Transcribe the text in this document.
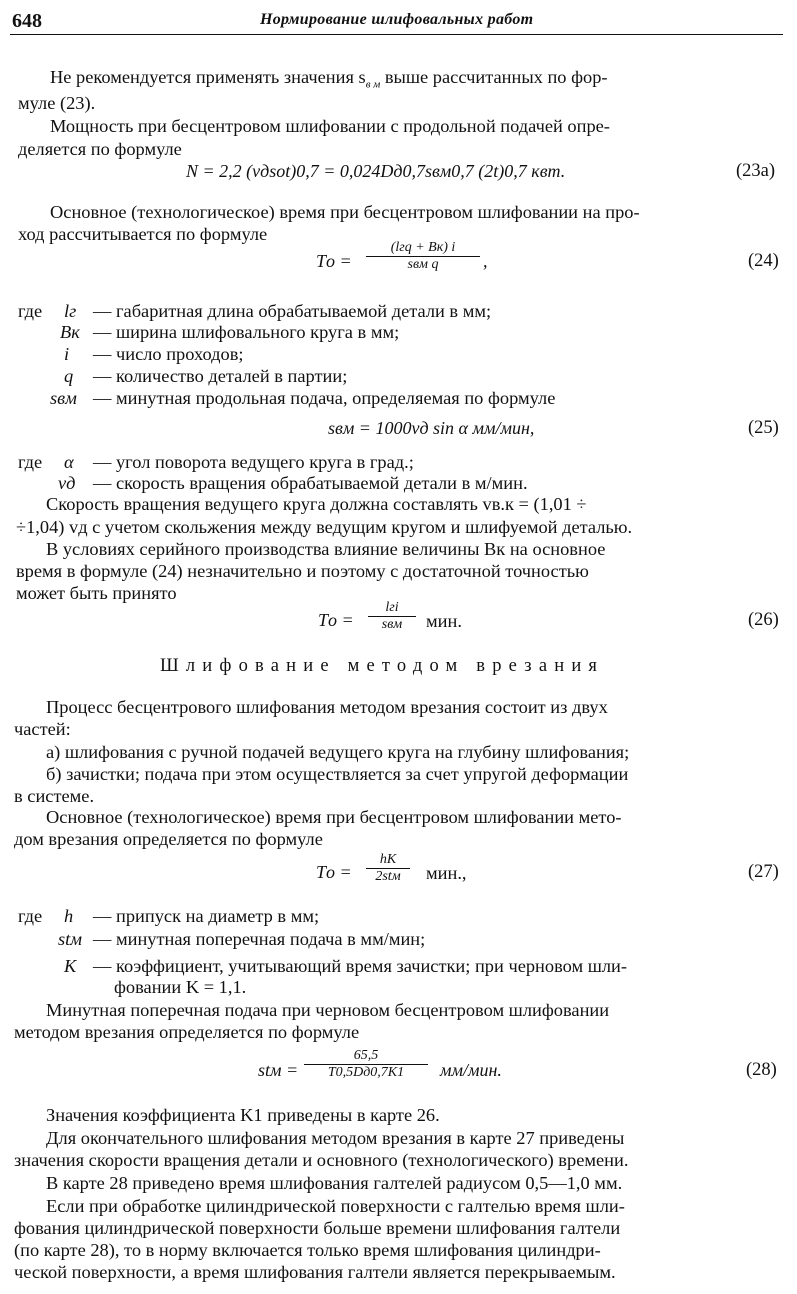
648	Нормирование шлифовальных работ
Не рекомендуется применять значения $s_{в м}$ выше рассчитанных по фор-
муле (23).
Мощность при бесцентровом шлифовании с продольной подачей опре-
деляется по формуле
N = 2,2 (vдsоt)0,7 = 0,024Dд0,7sвм0,7 (2t)0,7 квт.	(23а)
Основное (технологическое) время при бесцентровом шлифовании на про-
ход рассчитывается по формуле
Tо =
(lгq + Bк) i
sвм q	,	(24)
где lг — габаритная длина обрабатываемой детали в мм;
Bк — ширина шлифовального круга в мм;
i — число проходов;
q — количество деталей в партии;
sвм — минутная продольная подача, определяемая по формуле
sвм = 1000vд sin α мм/мин,	(25)
где α — угол поворота ведущего круга в град.;
vд — скорость вращения обрабатываемой детали в м/мин.
Скорость вращения ведущего круга должна составлять vв.к = (1,01 ÷
÷1,04) vд с учетом скольжения между ведущим кругом и шлифуемой деталью.
В условиях серийного производства влияние величины Bк на основное
время в формуле (24) незначительно и поэтому с достаточной точностью
может быть принято
Tо =
lгi
sвм	мин.	(26)
Шлифование методом врезания
Процесс бесцентрового шлифования методом врезания состоит из двух
частей:
а) шлифования с ручной подачей ведущего круга на глубину шлифования;
б) зачистки; подача при этом осуществляется за счет упругой деформации
в системе.
Основное (технологическое) время при бесцентровом шлифовании мето-
дом врезания определяется по формуле
Tо =
hK
2stм	мин.,	(27)
где h — припуск на диаметр в мм;
stм — минутная поперечная подача в мм/мин;
K — коэффициент, учитывающий время зачистки; при черновом шли-
фовании K = 1,1.
Минутная поперечная подача при черновом бесцентровом шлифовании
методом врезания определяется по формуле
stм =
65,5
T0,5Dд0,7K1	мм/мин.	(28)
Значения коэффициента K1 приведены в карте 26.
Для окончательного шлифования методом врезания в карте 27 приведены
значения скорости вращения детали и основного (технологического) времени.
В карте 28 приведено время шлифования галтелей радиусом 0,5—1,0 мм.
Если при обработке цилиндрической поверхности с галтелью время шли-
фования цилиндрической поверхности больше времени шлифования галтели
(по карте 28), то в норму включается только время шлифования цилиндри-
ческой поверхности, а время шлифования галтели является перекрываемым.
